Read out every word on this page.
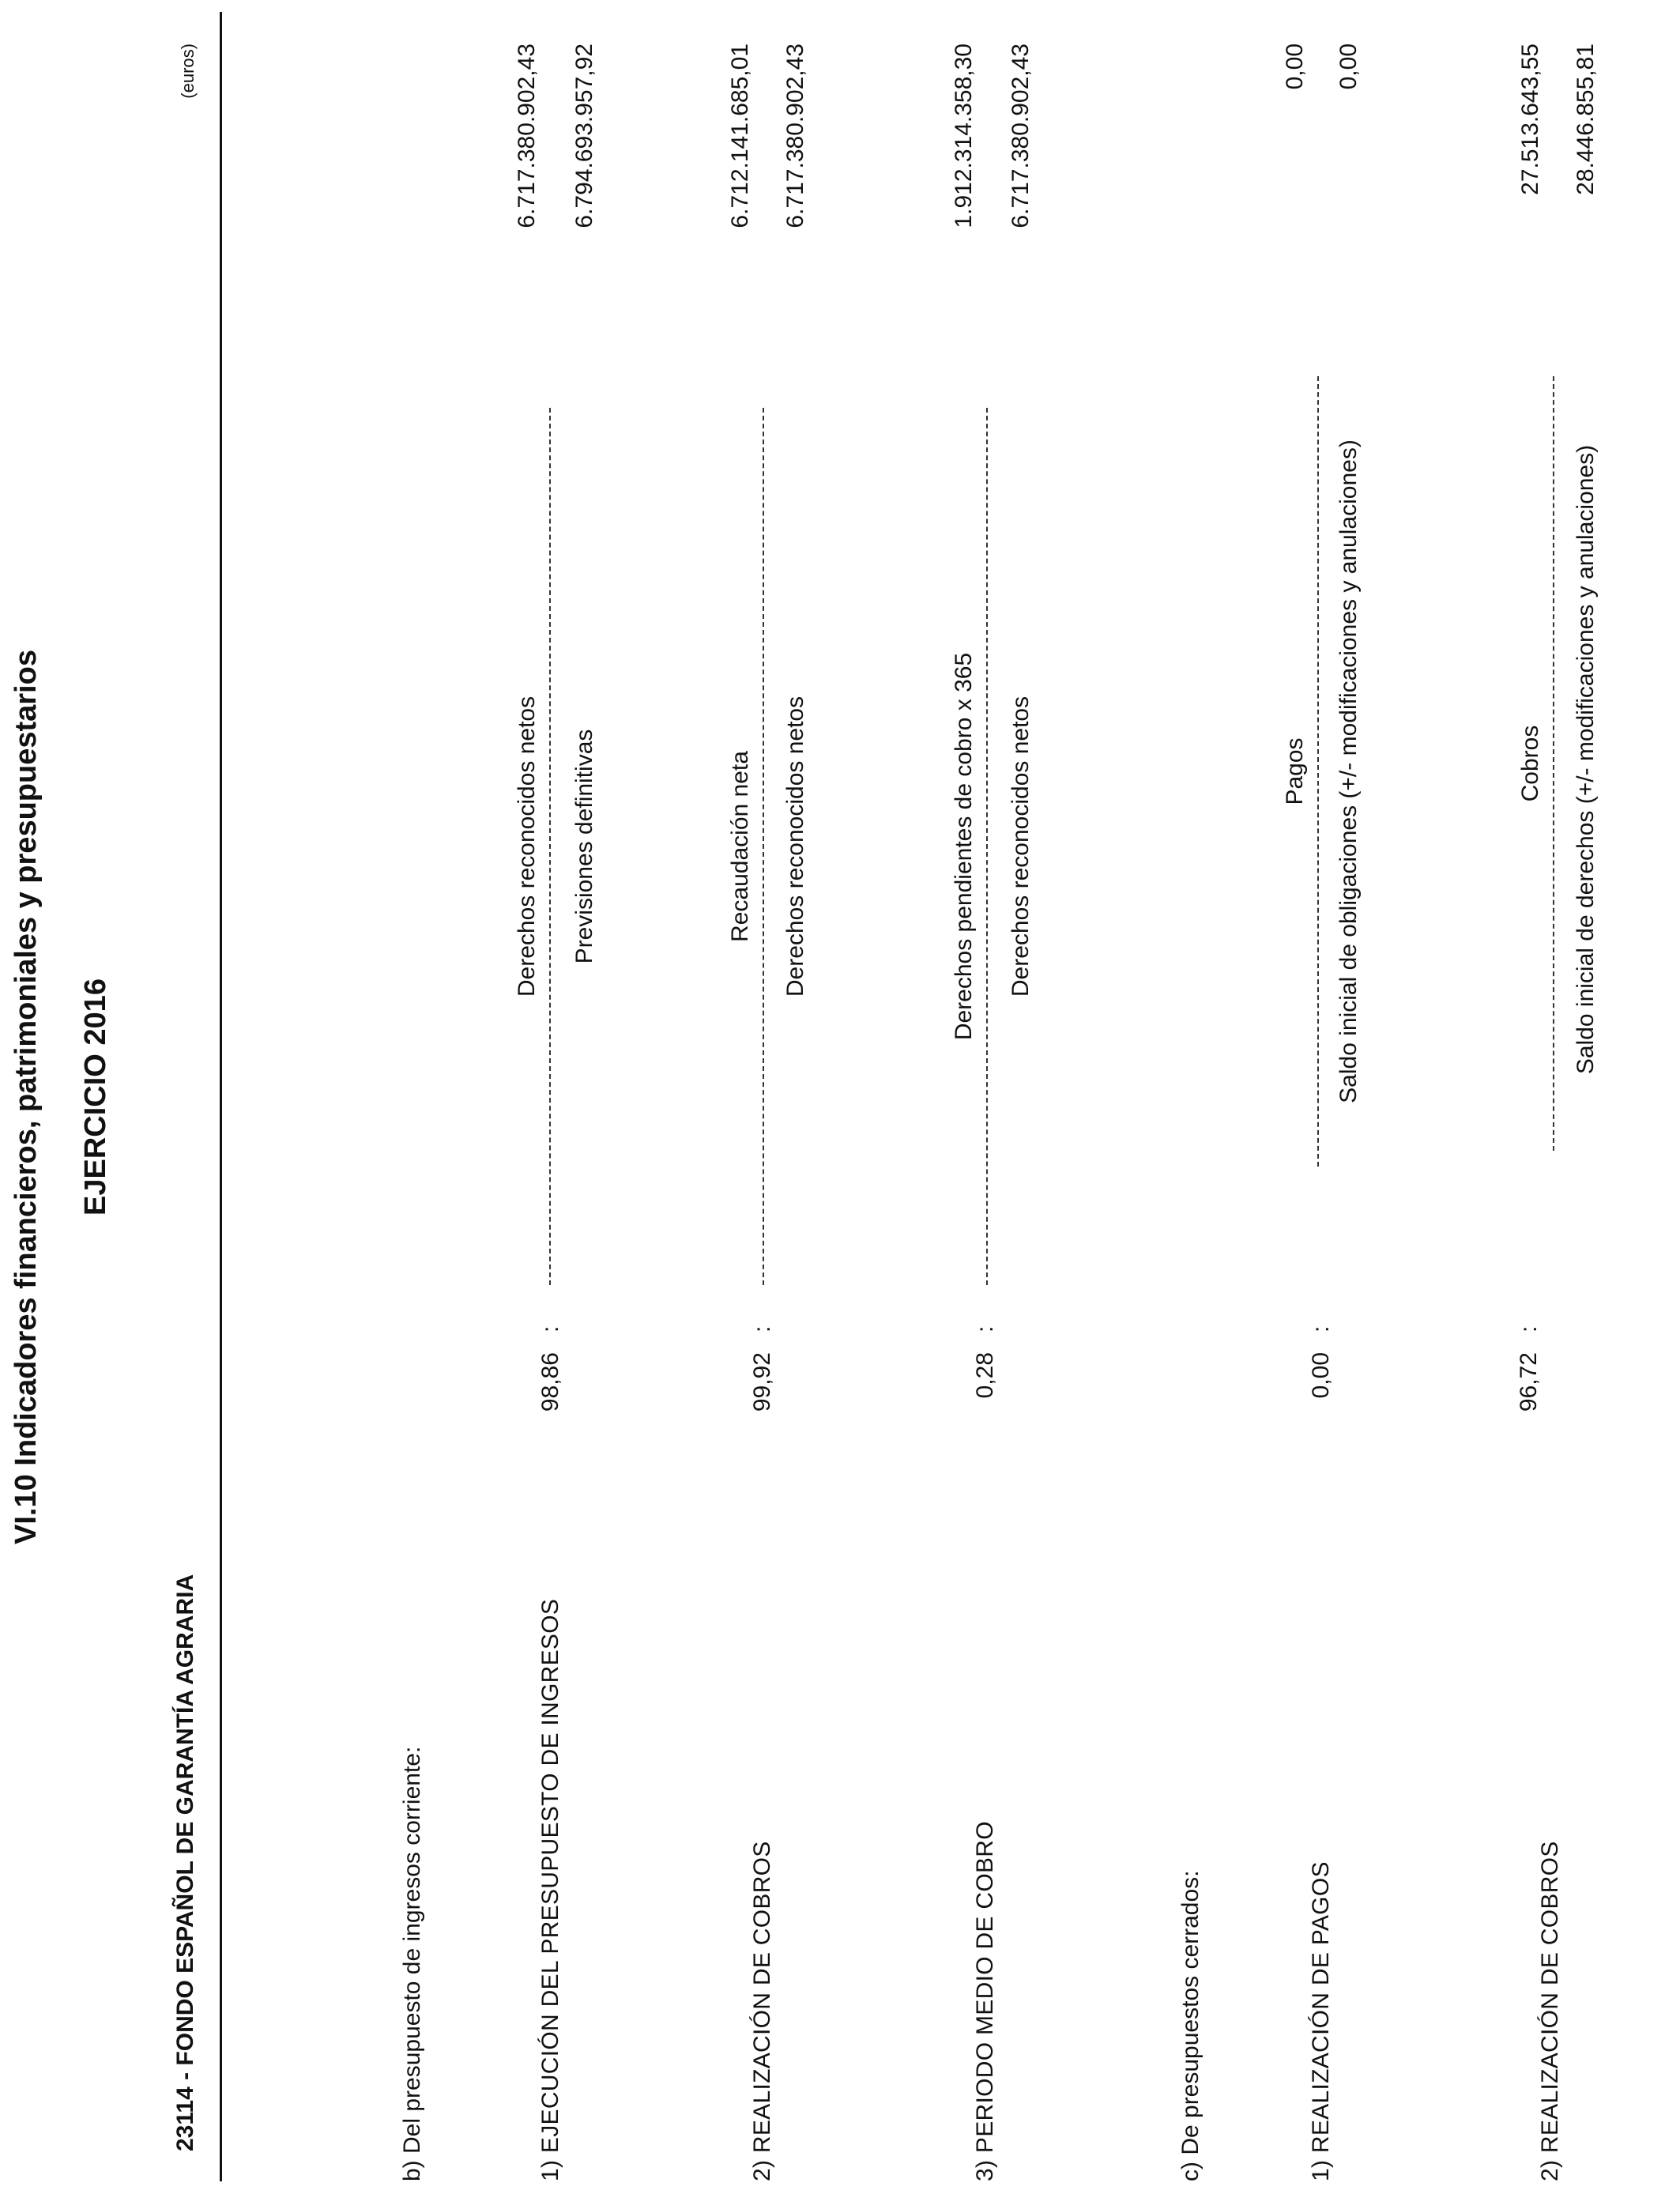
VI.10 Indicadores financieros, patrimoniales y presupuestarios EJERCICIO 2016
23114 - FONDO ESPAÑOL DE GARANTÍA AGRARIA
(euros)
b) Del presupuesto de ingresos corriente:	1) EJECUCIÓN DEL PRESUPUESTO DE INGRESOS
98,86
:
Derechos reconocidos netos Previsiones definitivas
6.717.380.902,43 6.794.693.957,92
2) REALIZACIÓN DE COBROS
99,92
:
Recaudación neta Derechos reconocidos netos
6.712.141.685,01 6.717.380.902,43
3) PERIODO MEDIO DE COBRO
0,28
:
Derechos pendientes de cobro x 365 Derechos reconocidos netos
1.912.314.358,30 6.717.380.902,43
c) De presupuestos cerrados:	1) REALIZACIÓN DE PAGOS
0,00
:
Pagos Saldo inicial de obligaciones (+/- modificaciones y anulaciones)
0,00 0,00
2) REALIZACIÓN DE COBROS
96,72
:
Cobros Saldo inicial de derechos (+/- modificaciones y anulaciones)
27.513.643,55 28.446.855,81
